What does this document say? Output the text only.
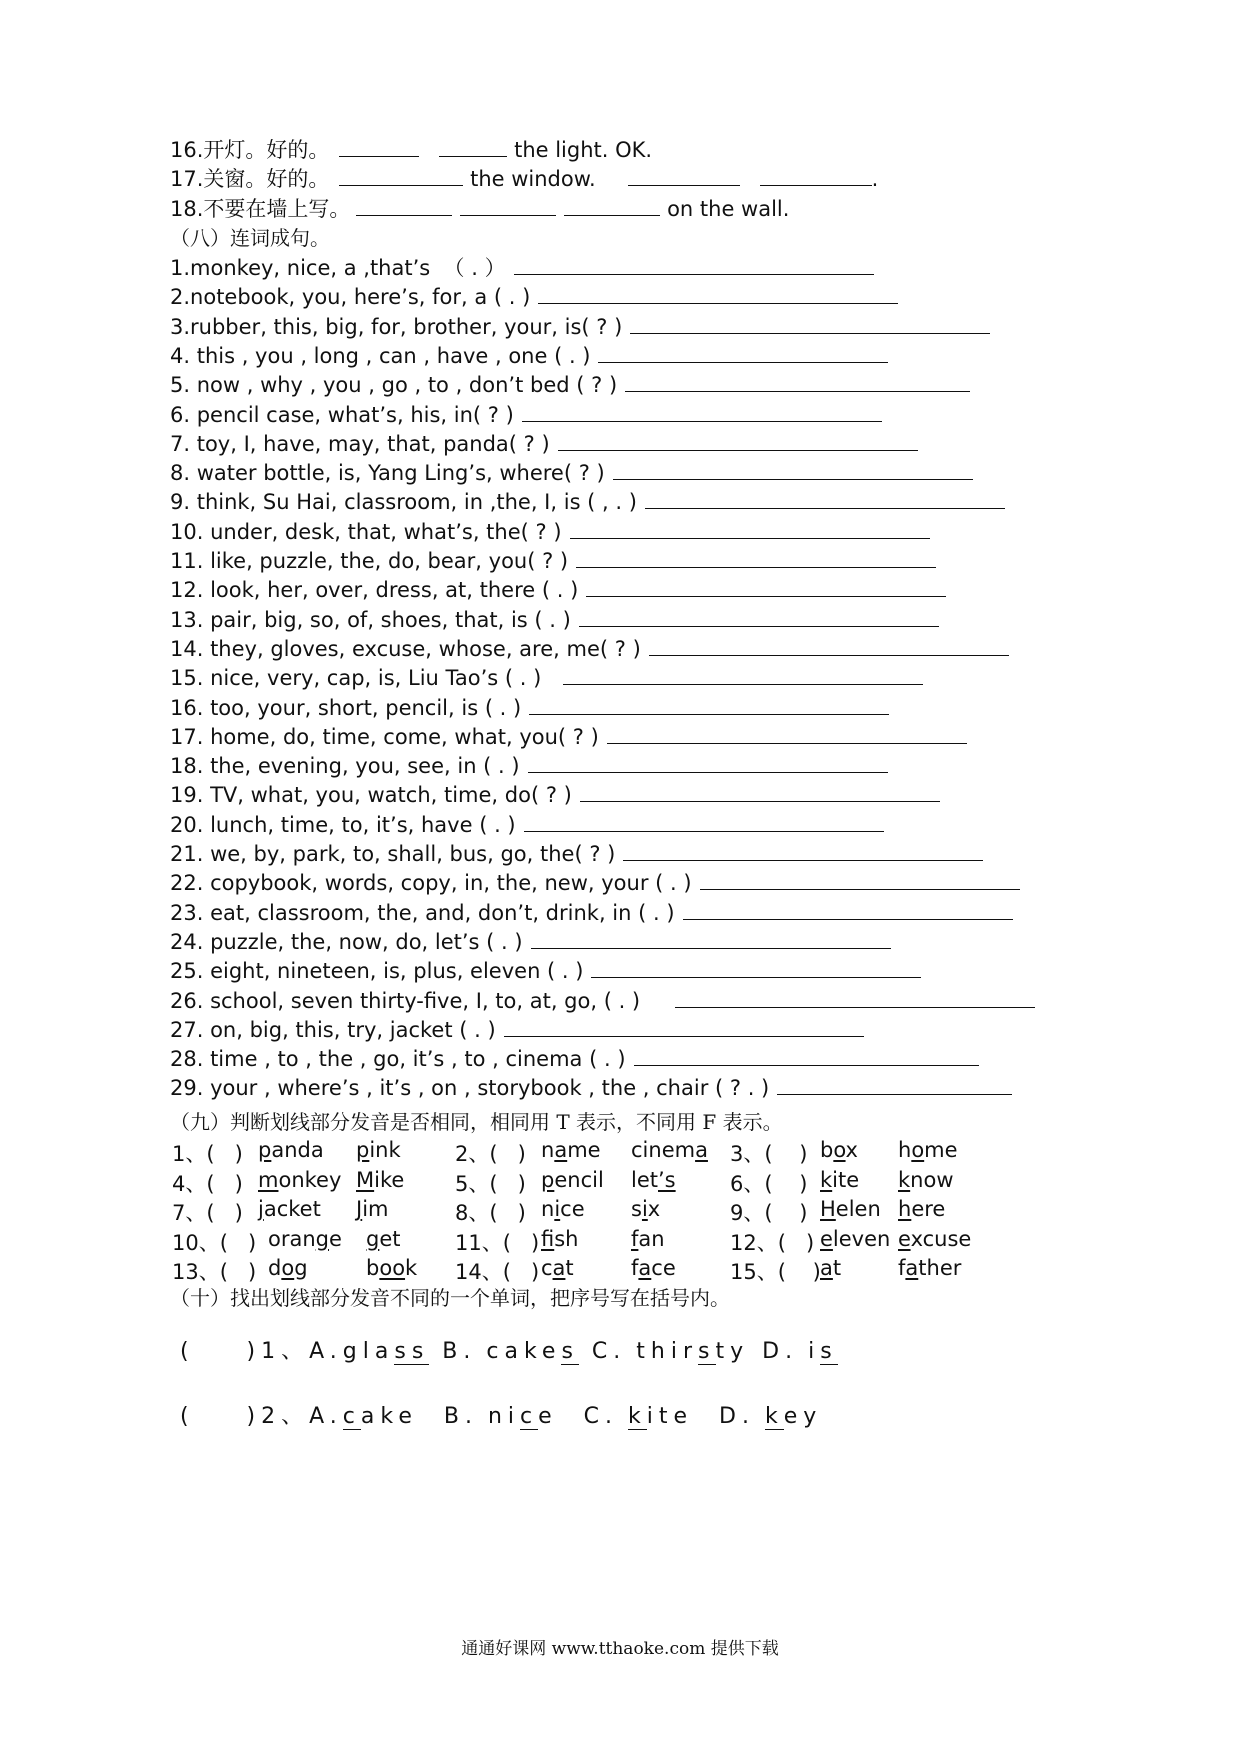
16.开灯。好的。	the light. OK.
17.关窗。好的。	the window.	.
18.不要在墙上写。	on the wall.
（八）连词成句。
1.monkey, nice, a ,that’s  （ . ）
2.notebook, you, here’s, for, a ( . )
3.rubber, this, big, for, brother, your, is( ? )
4. this , you , long , can , have , one ( . )
5. now , why , you , go , to , don’t bed ( ? )
6. pencil case, what’s, his, in( ? )
7. toy, I, have, may, that, panda( ? )
8. water bottle, is, Yang Ling’s, where( ? )
9. think, Su Hai, classroom, in ,the, I, is ( , . )
10. under, desk, that, what’s, the( ? )
11. like, puzzle, the, do, bear, you( ? )
12. look, her, over, dress, at, there ( . )
13. pair, big, so, of, shoes, that, is ( . )
14. they, gloves, excuse, whose, are, me( ? )
15. nice, very, cap, is, Liu Tao’s ( . )
16. too, your, short, pencil, is ( . )
17. home, do, time, come, what, you( ? )
18. the, evening, you, see, in ( . )
19. TV, what, you, watch, time, do( ? )
20. lunch, time, to, it’s, have ( . )
21. we, by, park, to, shall, bus, go, the( ? )
22. copybook, words, copy, in, the, new, your ( . )
23. eat, classroom, the, and, don’t, drink, in ( . )
24. puzzle, the, now, do, let’s ( . )
25. eight, nineteen, is, plus, eleven ( . )
26. school, seven thirty-five, I, to, at, go, ( . )
27. on, big, this, try, jacket ( . )
28. time , to , the , go, it’s , to , cinema ( . )
29. your , where’s , it’s , on , storybook , the , chair ( ? . )
（九）判断划线部分发音是否相同，相同用 T 表示，不同用 F 表示。
1、(   ) panda pink	2、(   ) name cinema 3、(    ) box home
4、(   ) monkey Mike 5、(   ) pencil let’s	6、(    ) kite know
7、(   ) jacket Jim	8、(   ) nice six	9、(    ) Helen here
10、(   ) orange get	11、(   ) fish	fan	12、(   ) eleven excuse
13、(   ) dog	book 14、(   ) cat	face	15、(    ) at	father
（十）找出划线部分发音不同的一个单词，把序号写在括号内。
(    )1、A.glass B. cakes C. thirsty D. is
(    )2、A.cake  B. nice  C. kite  D. key
通通好课网 www.tthaoke.com 提供下载
